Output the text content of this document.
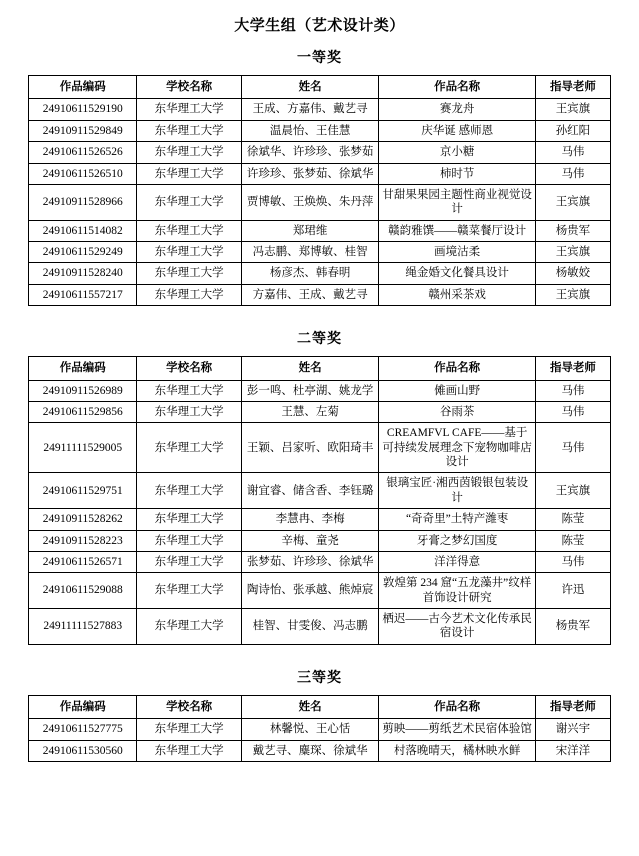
大学生组（艺术设计类）
一等奖
作品编码	学校名称	姓名	作品名称	指导老师
24910611529190	东华理工大学	王成、方嘉伟、戴艺寻	赛龙舟	王宾旗
24910911529849	东华理工大学	温晨怡、王佳慧	庆华诞 感师恩	孙红阳
24910611526526	东华理工大学	徐斌华、许珍珍、张梦茹	京小糖	马伟
24910611526510	东华理工大学	许珍珍、张梦茹、徐斌华	柿时节	马伟
24910911528966	东华理工大学	贾博敏、王焕焕、朱丹萍	甘甜果果园主题性商业视觉设计	王宾旗
24910611514082	东华理工大学	郑珺维	赣韵雅馔——赣菜餐厅设计	杨贵军
24910611529249	东华理工大学	冯志鹏、郑博敏、桂智	画境沽柔	王宾旗
24910911528240	东华理工大学	杨彦杰、韩春明	绳金婚文化餐具设计	杨敏姣
24910611557217	东华理工大学	方嘉伟、王成、戴艺寻	赣州采茶戏	王宾旗
二等奖
作品编码	学校名称	姓名	作品名称	指导老师
24910911526989	东华理工大学	彭一鸣、杜亭湖、姚龙学	傩画山野	马伟
24910611529856	东华理工大学	王慧、左菊	谷雨茶	马伟
24911111529005	东华理工大学	王颖、吕家听、欧阳琦丰	CREAMFVL CAFE——基于可持续发展理念下宠物咖啡店设计	马伟
24910611529751	东华理工大学	谢宜睿、储含香、李钰璐	银璃宝匠·湘西茵锻银包装设计	王宾旗
24910911528262	东华理工大学	李慧冉、李梅	“奇奇里”土特产潍枣	陈莹
24910911528223	东华理工大学	辛梅、童尧	牙膏之梦幻国度	陈莹
24910611526571	东华理工大学	张梦茹、许珍珍、徐斌华	洋洋得意	马伟
24910611529088	东华理工大学	陶诗怡、张承越、熊焯宸	敦煌第 234 窟“五龙藻井”纹样首饰设计研究	许迅
24911111527883	东华理工大学	桂智、甘雯俊、冯志鹏	栖迟——古今艺术文化传承民宿设计	杨贵军
三等奖
作品编码	学校名称	姓名	作品名称	指导老师
24910611527775	东华理工大学	林馨悦、王心恬	剪映——剪纸艺术民宿体验馆	谢兴宇
24910611530560	东华理工大学	戴艺寻、麋琛、徐斌华	村落晚晴天，橘林映水鲜	宋洋洋
